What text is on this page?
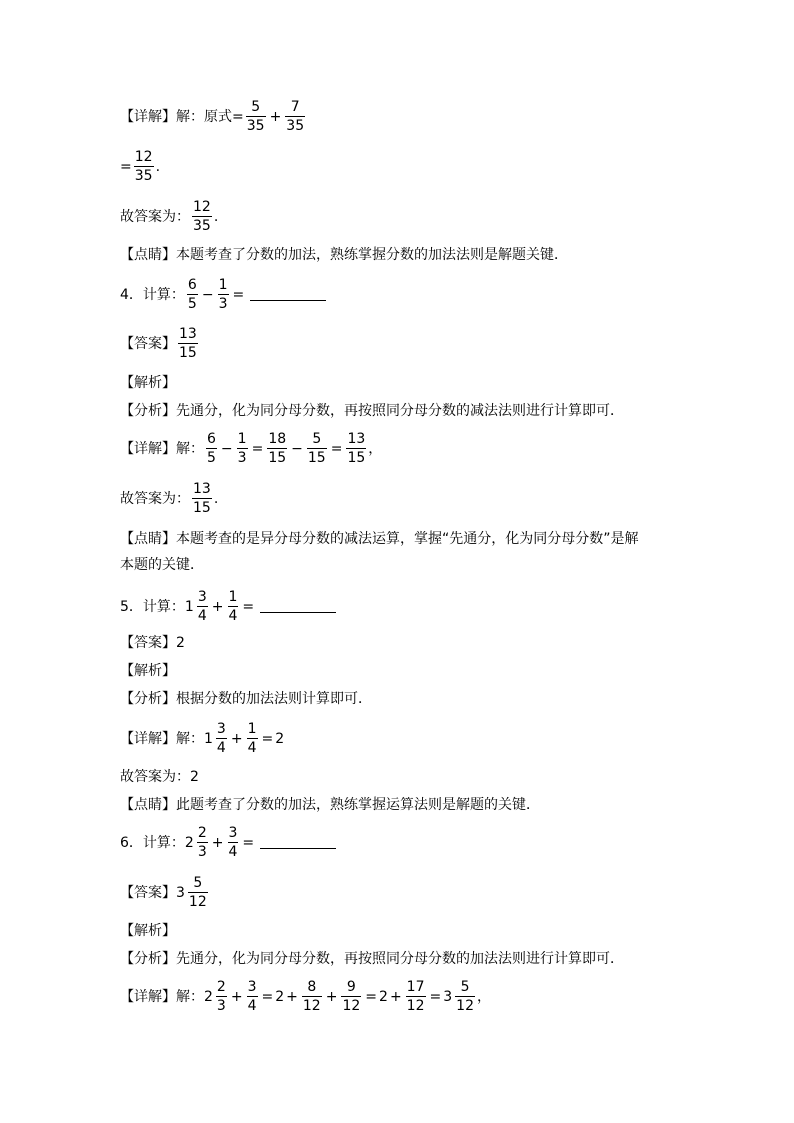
【详解】 解：原式= $\frac{5}{35} + \frac{7}{35}$
= $\frac{12}{35}$ .
故答案为： $\frac{12}{35}$ .
【点睛】本题考查了分数的加法，熟练掌握分数的加法法则是解题关键．
4．计算： $\frac{6}{5} - \frac{1}{3}$ =
【答案】 $\frac{13}{15}$
【解析】
【分析】先通分，化为同分母分数，再按照同分母分数的减法法则进行计算即可．
【详解】解： $\frac{6}{5} - \frac{1}{3} = \frac{18}{15} - \frac{5}{15} = \frac{13}{15}$ ，
故答案为： $\frac{13}{15}$ .
【点睛】本题考查的是异分母分数的减法运算，掌握“先通分，化为同分母分数”是解本题的关键．
5．计算： $1 \frac{3}{4} + \frac{1}{4}$ =
【答案】2
【解析】
【分析】根据分数的加法法则计算即可．
【详解】解： $1 \frac{3}{4} + \frac{1}{4} = 2$
故答案为：2
【点睛】此题考查了分数的加法，熟练掌握运算法则是解题的关键．
6．计算： $2 \frac{2}{3} + \frac{3}{4}$ =
【答案】 $3 \frac{5}{12}$
【解析】
【分析】先通分，化为同分母分数，再按照同分母分数的加法法则进行计算即可．
【详解】解： $2 \frac{2}{3} + \frac{3}{4} = 2 + \frac{8}{12} + \frac{9}{12} = 2 + \frac{17}{12} = 3 \frac{5}{12}$ ，
